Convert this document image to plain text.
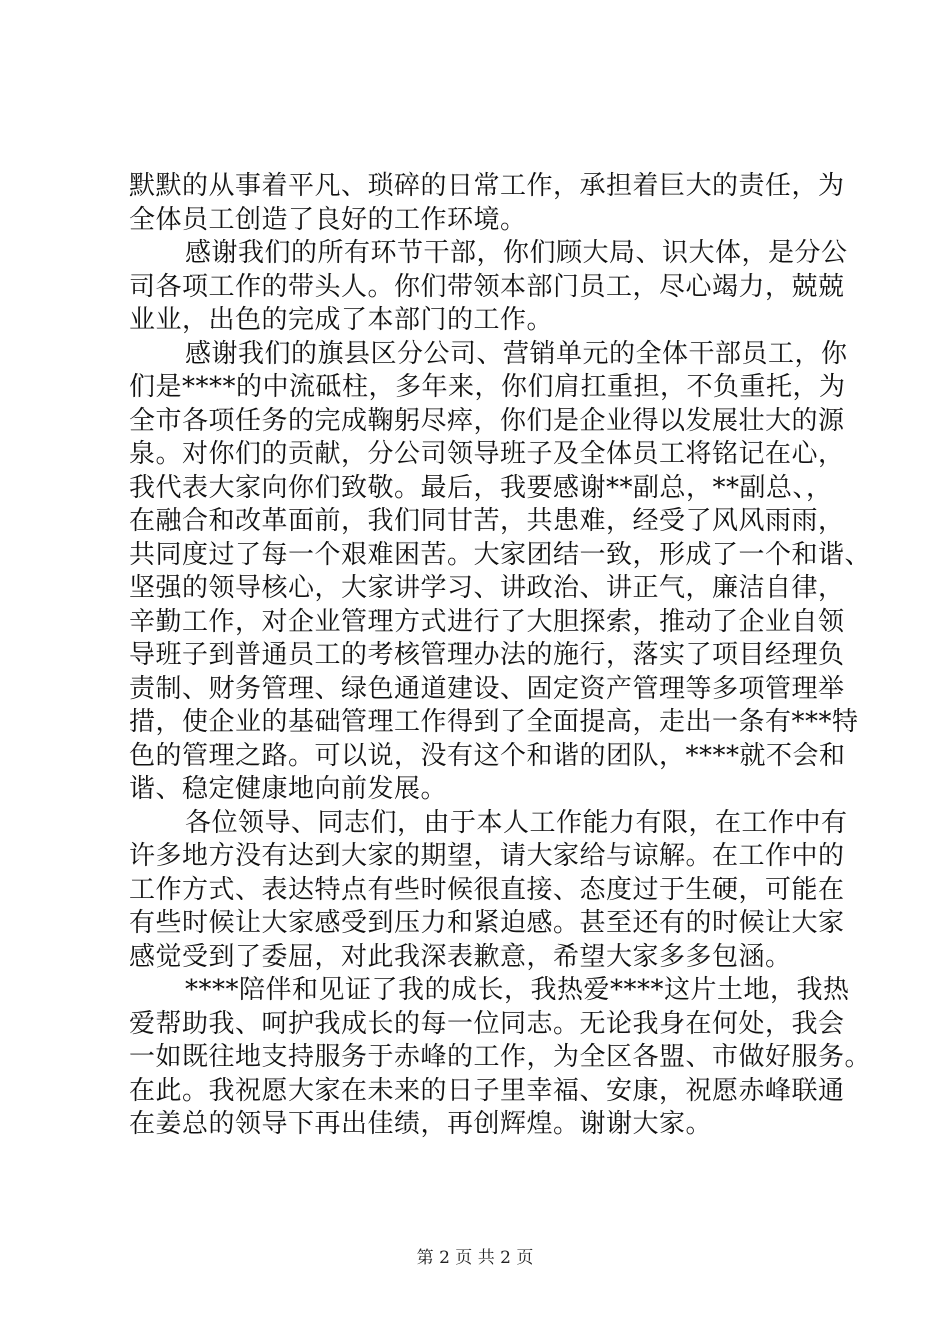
默默的从事着平凡、琐碎的日常工作，承担着巨大的责任，为
全体员工创造了良好的工作环境。
感谢我们的所有环节干部，你们顾大局、识大体，是分公
司各项工作的带头人。你们带领本部门员工，尽心竭力，兢兢
业业，出色的完成了本部门的工作。
感谢我们的旗县区分公司、营销单元的全体干部员工，你
们是****的中流砥柱，多年来，你们肩扛重担，不负重托，为
全市各项任务的完成鞠躬尽瘁，你们是企业得以发展壮大的源
泉。对你们的贡献，分公司领导班子及全体员工将铭记在心，
我代表大家向你们致敬。最后，我要感谢**副总，**副总、，
在融合和改革面前，我们同甘苦，共患难，经受了风风雨雨，
共同度过了每一个艰难困苦。大家团结一致，形成了一个和谐、
坚强的领导核心，大家讲学习、讲政治、讲正气，廉洁自律，
辛勤工作，对企业管理方式进行了大胆探索，推动了企业自领
导班子到普通员工的考核管理办法的施行，落实了项目经理负
责制、财务管理、绿色通道建设、固定资产管理等多项管理举
措，使企业的基础管理工作得到了全面提高，走出一条有***特
色的管理之路。可以说，没有这个和谐的团队，****就不会和
谐、稳定健康地向前发展。
各位领导、同志们，由于本人工作能力有限，在工作中有
许多地方没有达到大家的期望，请大家给与谅解。在工作中的
工作方式、表达特点有些时候很直接、态度过于生硬，可能在
有些时候让大家感受到压力和紧迫感。甚至还有的时候让大家
感觉受到了委屈，对此我深表歉意，希望大家多多包涵。
****陪伴和见证了我的成长，我热爱****这片土地，我热
爱帮助我、呵护我成长的每一位同志。无论我身在何处，我会
一如既往地支持服务于赤峰的工作，为全区各盟、市做好服务。
在此。我祝愿大家在未来的日子里幸福、安康，祝愿赤峰联通
在姜总的领导下再出佳绩，再创辉煌。谢谢大家。
第 2 页 共 2 页
